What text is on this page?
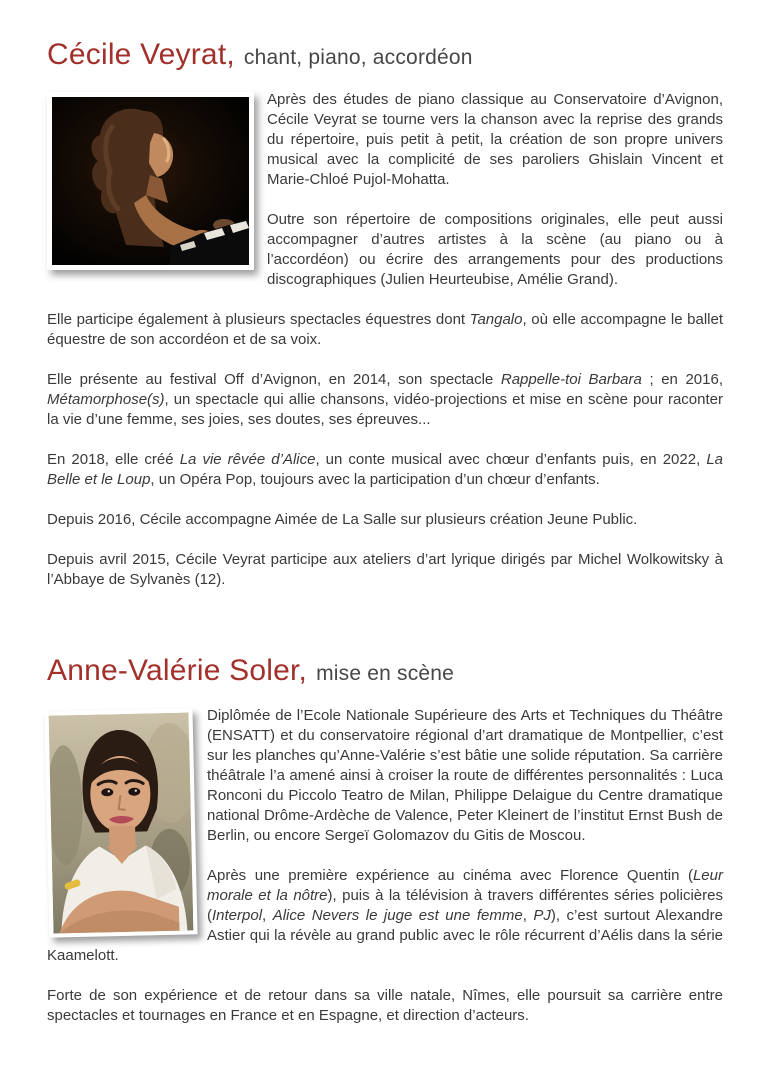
Cécile Veyrat, chant, piano, accordéon

Après des études de piano classique au Conservatoire d’Avignon, Cécile Veyrat se tourne vers la chanson avec la reprise des grands du répertoire, puis petit à petit, la création de son propre univers musical avec la complicité de ses paroliers Ghislain Vincent et Marie-Chloé Pujol-Mohatta.

Outre son répertoire de compositions originales, elle peut aussi accompagner d’autres artistes à la scène (au piano ou à l’accordéon) ou écrire des arrangements pour des productions discographiques (Julien Heurteubise, Amélie Grand).

Elle participe également à plusieurs spectacles équestres dont Tangalo, où elle accompagne le ballet équestre de son accordéon et de sa voix.

Elle présente au festival Off d’Avignon, en 2014, son spectacle Rappelle-toi Barbara ; en 2016, Métamorphose(s), un spectacle qui allie chansons, vidéo-projections et mise en scène pour raconter la vie d’une femme, ses joies, ses doutes, ses épreuves...

En 2018, elle créé La vie rêvée d’Alice, un conte musical avec chœur d’enfants puis, en 2022, La Belle et le Loup, un Opéra Pop, toujours avec la participation d’un chœur d’enfants.

Depuis 2016, Cécile accompagne Aimée de La Salle sur plusieurs création Jeune Public.

Depuis avril 2015, Cécile Veyrat participe aux ateliers d’art lyrique dirigés par Michel Wolkowitsky à l’Abbaye de Sylvanès (12).

Anne-Valérie Soler, mise en scène

Diplômée de l’Ecole Nationale Supérieure des Arts et Techniques du Théâtre (ENSATT) et du conservatoire régional d’art dramatique de Montpellier, c’est sur les planches qu’Anne-Valérie s’est bâtie une solide réputation. Sa carrière théâtrale l’a amené ainsi à croiser la route de différentes personnalités : Luca Ronconi du Piccolo Teatro de Milan, Philippe Delaigue du Centre dramatique national Drôme-Ardèche de Valence, Peter Kleinert de l’institut Ernst Bush de Berlin, ou encore Sergeï Golomazov du Gitis de Moscou.

Après une première expérience au cinéma avec Florence Quentin (Leur morale et la nôtre), puis à la télévision à travers différentes séries policières (Interpol, Alice Nevers le juge est une femme, PJ), c’est surtout Alexandre Astier qui la révèle au grand public avec le rôle récurrent d’Aélis dans la série Kaamelott.

Forte de son expérience et de retour dans sa ville natale, Nîmes, elle poursuit sa carrière entre spectacles et tournages en France et en Espagne, et direction d’acteurs.
